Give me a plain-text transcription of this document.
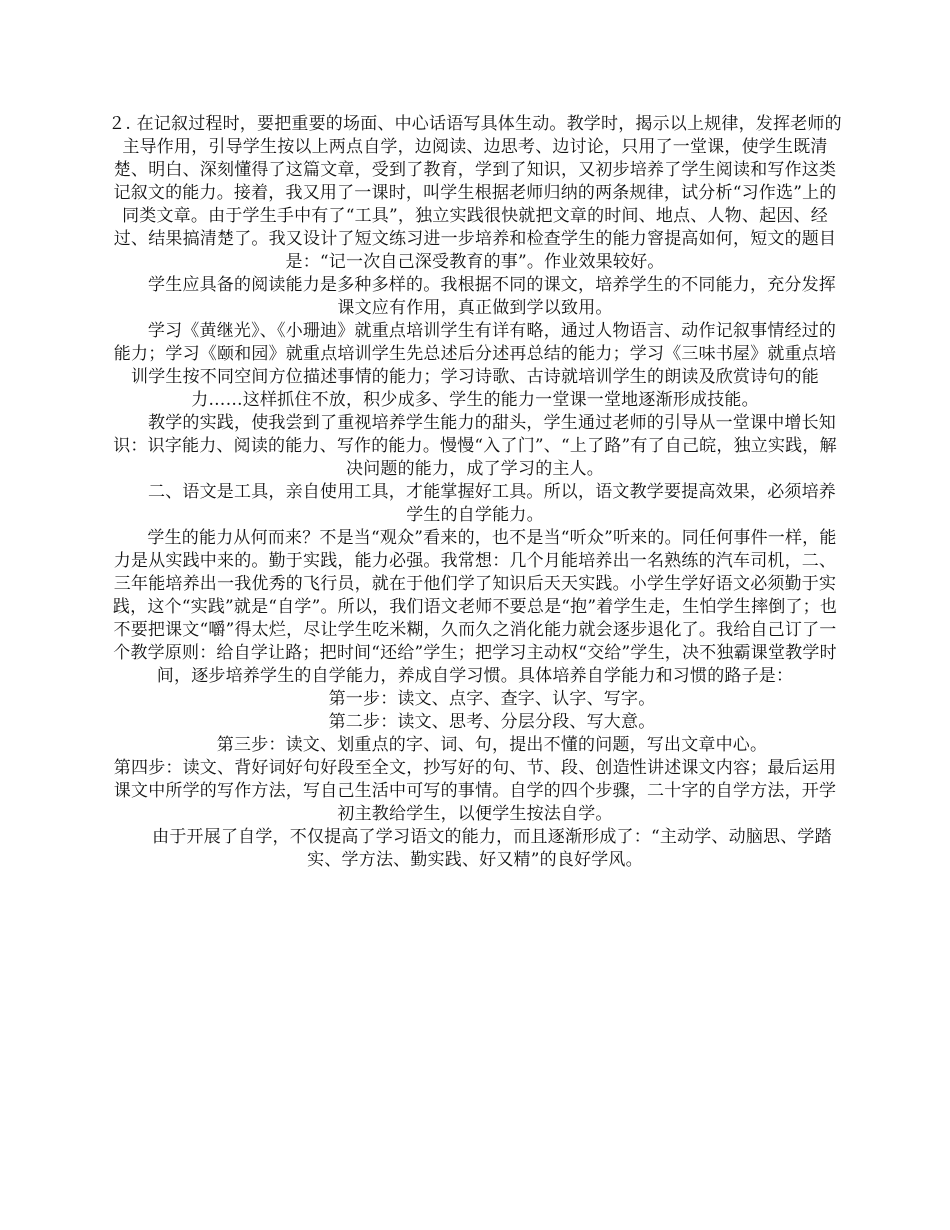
２. 在记叙过程时，要把重要的场面、中心话语写具体生动。教学时，揭示以上规律，发挥老师的主导作用，引导学生按以上两点自学，边阅读、边思考、边讨论，只用了一堂课，使学生既清楚、明白、深刻懂得了这篇文章，受到了教育，学到了知识，又初步培养了学生阅读和写作这类记叙文的能力。接着，我又用了一课时，叫学生根据老师归纳的两条规律，试分析“习作选”上的同类文章。由于学生手中有了“工具”，独立实践很快就把文章的时间、地点、人物、起因、经过、结果搞清楚了。我又设计了短文练习进一步培养和检查学生的能力窨提高如何，短文的题目是：“记一次自己深受教育的事”。作业效果较好。

学生应具备的阅读能力是多种多样的。我根据不同的课文，培养学生的不同能力，充分发挥课文应有作用，真正做到学以致用。

学习《黄继光》、《小珊迪》就重点培训学生有详有略，通过人物语言、动作记叙事情经过的能力；学习《颐和园》就重点培训学生先总述后分述再总结的能力；学习《三味书屋》就重点培训学生按不同空间方位描述事情的能力；学习诗歌、古诗就培训学生的朗读及欣赏诗句的能力……这样抓住不放，积少成多、学生的能力一堂课一堂地逐渐形成技能。

教学的实践，使我尝到了重视培养学生能力的甜头，学生通过老师的引导从一堂课中增长知识：识字能力、阅读的能力、写作的能力。慢慢“入了门”、“上了路”有了自己皖，独立实践，解决问题的能力，成了学习的主人。

二、语文是工具，亲自使用工具，才能掌握好工具。所以，语文教学要提高效果，必须培养学生的自学能力。

学生的能力从何而来？不是当“观众”看来的，也不是当“听众”听来的。同任何事件一样，能力是从实践中来的。勤于实践，能力必强。我常想：几个月能培养出一名熟练的汽车司机，二、三年能培养出一我优秀的飞行员，就在于他们学了知识后天天实践。小学生学好语文必须勤于实践，这个“实践”就是“自学”。所以，我们语文老师不要总是“抱”着学生走，生怕学生摔倒了；也不要把课文“嚼”得太烂，尽让学生吃米糊，久而久之消化能力就会逐步退化了。我给自己订了一个教学原则：给自学让路；把时间“还给”学生；把学习主动权“交给”学生，决不独霸课堂教学时间，逐步培养学生的自学能力，养成自学习惯。具体培养自学能力和习惯的路子是：

第一步：读文、点字、查字、认字、写字。

第二步：读文、思考、分层分段、写大意。

第三步：读文、划重点的字、词、句，提出不懂的问题，写出文章中心。

第四步：读文、背好词好句好段至全文，抄写好的句、节、段、创造性讲述课文内容；最后运用课文中所学的写作方法，写自己生活中可写的事情。自学的四个步骤，二十字的自学方法，开学初主教给学生，以便学生按法自学。

由于开展了自学，不仅提高了学习语文的能力，而且逐渐形成了：“主动学、动脑思、学踏实、学方法、勤实践、好又精”的良好学风。
